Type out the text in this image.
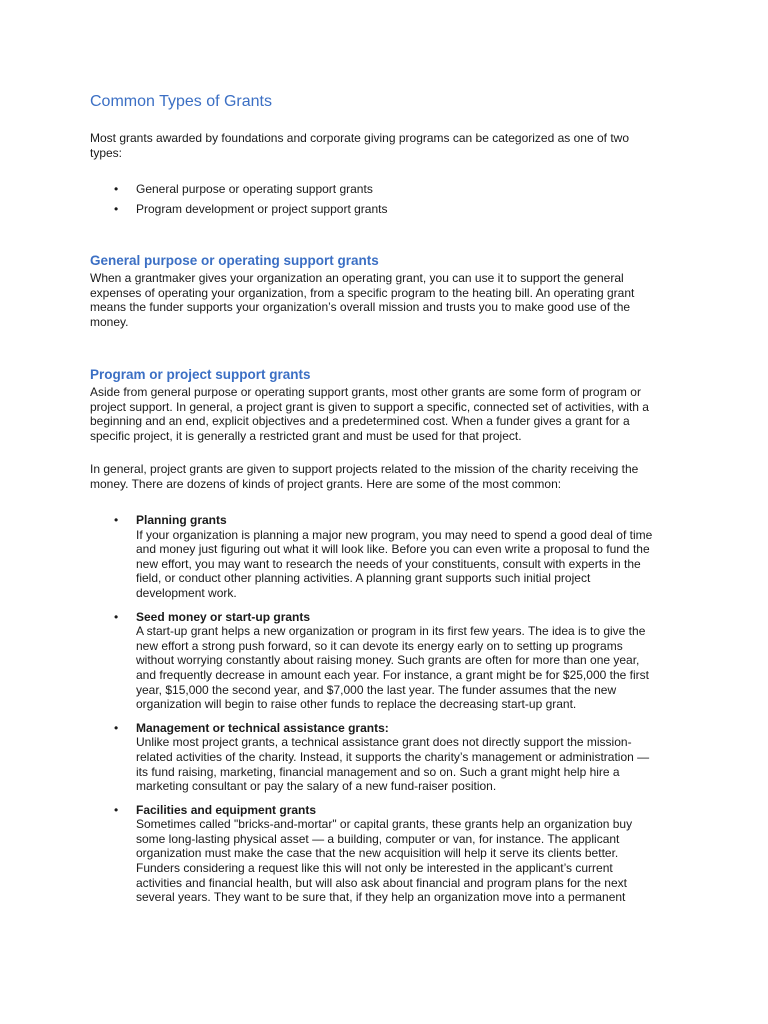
Common Types of Grants

Most grants awarded by foundations and corporate giving programs can be categorized as one of two types:

• General purpose or operating support grants
• Program development or project support grants
General purpose or operating support grants

When a grantmaker gives your organization an operating grant, you can use it to support the general expenses of operating your organization, from a specific program to the heating bill. An operating grant means the funder supports your organization’s overall mission and trusts you to make good use of the money.

Program or project support grants

Aside from general purpose or operating support grants, most other grants are some form of program or project support. In general, a project grant is given to support a specific, connected set of activities, with a beginning and an end, explicit objectives and a predetermined cost. When a funder gives a grant for a specific project, it is generally a restricted grant and must be used for that project.

In general, project grants are given to support projects related to the mission of the charity receiving the money. There are dozens of kinds of project grants. Here are some of the most common:

• Planning grants
If your organization is planning a major new program, you may need to spend a good deal of time and money just figuring out what it will look like. Before you can even write a proposal to fund the new effort, you may want to research the needs of your constituents, consult with experts in the field, or conduct other planning activities. A planning grant supports such initial project development work.
• Seed money or start-up grants
A start-up grant helps a new organization or program in its first few years. The idea is to give the new effort a strong push forward, so it can devote its energy early on to setting up programs without worrying constantly about raising money. Such grants are often for more than one year, and frequently decrease in amount each year. For instance, a grant might be for $25,000 the first year, $15,000 the second year, and $7,000 the last year. The funder assumes that the new organization will begin to raise other funds to replace the decreasing start-up grant.
• Management or technical assistance grants:
Unlike most project grants, a technical assistance grant does not directly support the mission-related activities of the charity. Instead, it supports the charity’s management or administration — its fund raising, marketing, financial management and so on. Such a grant might help hire a marketing consultant or pay the salary of a new fund-raiser position.
• Facilities and equipment grants
Sometimes called "bricks-and-mortar" or capital grants, these grants help an organization buy some long-lasting physical asset — a building, computer or van, for instance. The applicant organization must make the case that the new acquisition will help it serve its clients better. Funders considering a request like this will not only be interested in the applicant’s current activities and financial health, but will also ask about financial and program plans for the next several years. They want to be sure that, if they help an organization move into a permanent
